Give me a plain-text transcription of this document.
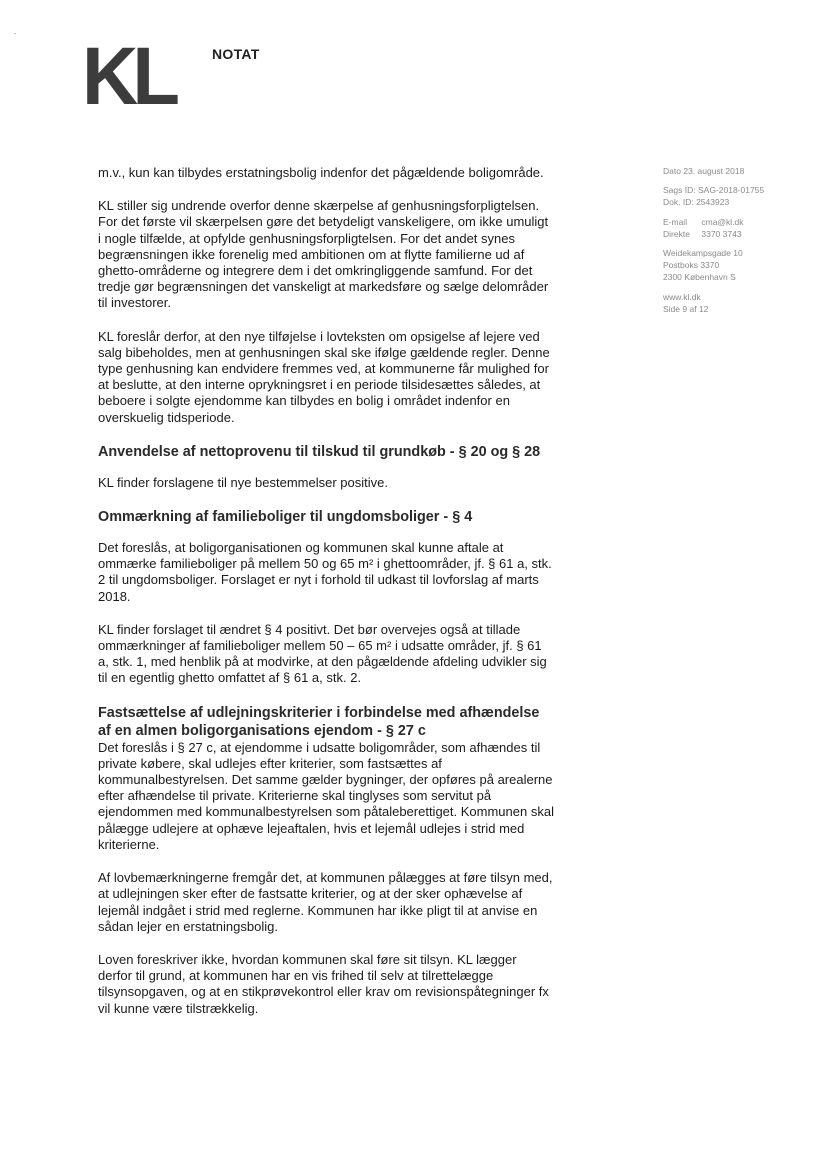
KL	NOTAT

m.v., kun kan tilbydes erstatningsbolig indenfor det pågældende boligområde.

KL stiller sig undrende overfor denne skærpelse af genhusningsforpligtelsen. For det første vil skærpelsen gøre det betydeligt vanskeligere, om ikke umuligt i nogle tilfælde, at opfylde genhusningsforpligtelsen. For det andet synes begrænsningen ikke forenelig med ambitionen om at flytte familierne ud af ghetto-områderne og integrere dem i det omkringliggende samfund. For det tredje gør begrænsningen det vanskeligt at markedsføre og sælge delområder til investorer.

KL foreslår derfor, at den nye tilføjelse i lovteksten om opsigelse af lejere ved salg bibeholdes, men at genhusningen skal ske ifølge gældende regler. Denne type genhusning kan endvidere fremmes ved, at kommunerne får mulighed for at beslutte, at den interne oprykningsret i en periode tilsidesættes således, at beboere i solgte ejendomme kan tilbydes en bolig i området indenfor en overskuelig tidsperiode.

Anvendelse af nettoprovenu til tilskud til grundkøb - § 20 og § 28

KL finder forslagene til nye bestemmelser positive.

Ommærkning af familieboliger til ungdomsboliger - § 4

Det foreslås, at boligorganisationen og kommunen skal kunne aftale at ommærke familieboliger på mellem 50 og 65 m² i ghettoområder, jf. § 61 a, stk. 2 til ungdomsboliger. Forslaget er nyt i forhold til udkast til lovforslag af marts 2018.

KL finder forslaget til ændret § 4 positivt. Det bør overvejes også at tillade ommærkninger af familieboliger mellem 50 – 65 m² i udsatte områder, jf. § 61 a, stk. 1, med henblik på at modvirke, at den pågældende afdeling udvikler sig til en egentlig ghetto omfattet af § 61 a, stk. 2.

Fastsættelse af udlejningskriterier i forbindelse med afhændelse af en almen boligorganisations ejendom - § 27 c

Det foreslås i § 27 c, at ejendomme i udsatte boligområder, som afhændes til private købere, skal udlejes efter kriterier, som fastsættes af kommunalbestyrelsen. Det samme gælder bygninger, der opføres på arealerne efter afhændelse til private. Kriterierne skal tinglyses som servitut på ejendommen med kommunalbestyrelsen som påtaleberettiget. Kommunen skal pålægge udlejere at ophæve lejeaftalen, hvis et lejemål udlejes i strid med kriterierne.

Af lovbemærkningerne fremgår det, at kommunen pålægges at føre tilsyn med, at udlejningen sker efter de fastsatte kriterier, og at der sker ophævelse af lejemål indgået i strid med reglerne. Kommunen har ikke pligt til at anvise en sådan lejer en erstatningsbolig.

Loven foreskriver ikke, hvordan kommunen skal føre sit tilsyn. KL lægger derfor til grund, at kommunen har en vis frihed til selv at tilrettelægge tilsynsopgaven, og at en stikprøvekontrol eller krav om revisionspåtegninger fx vil kunne være tilstrækkelig.

Dato 23. august 2018
Sags ID: SAG-2018-01755
Dok. ID: 2543923
E-mail cma@kl.dk
Direkte 3370 3743
Weidekampsgade 10
Postboks 3370
2300 København S
www.kl.dk
Side 9 af 12
